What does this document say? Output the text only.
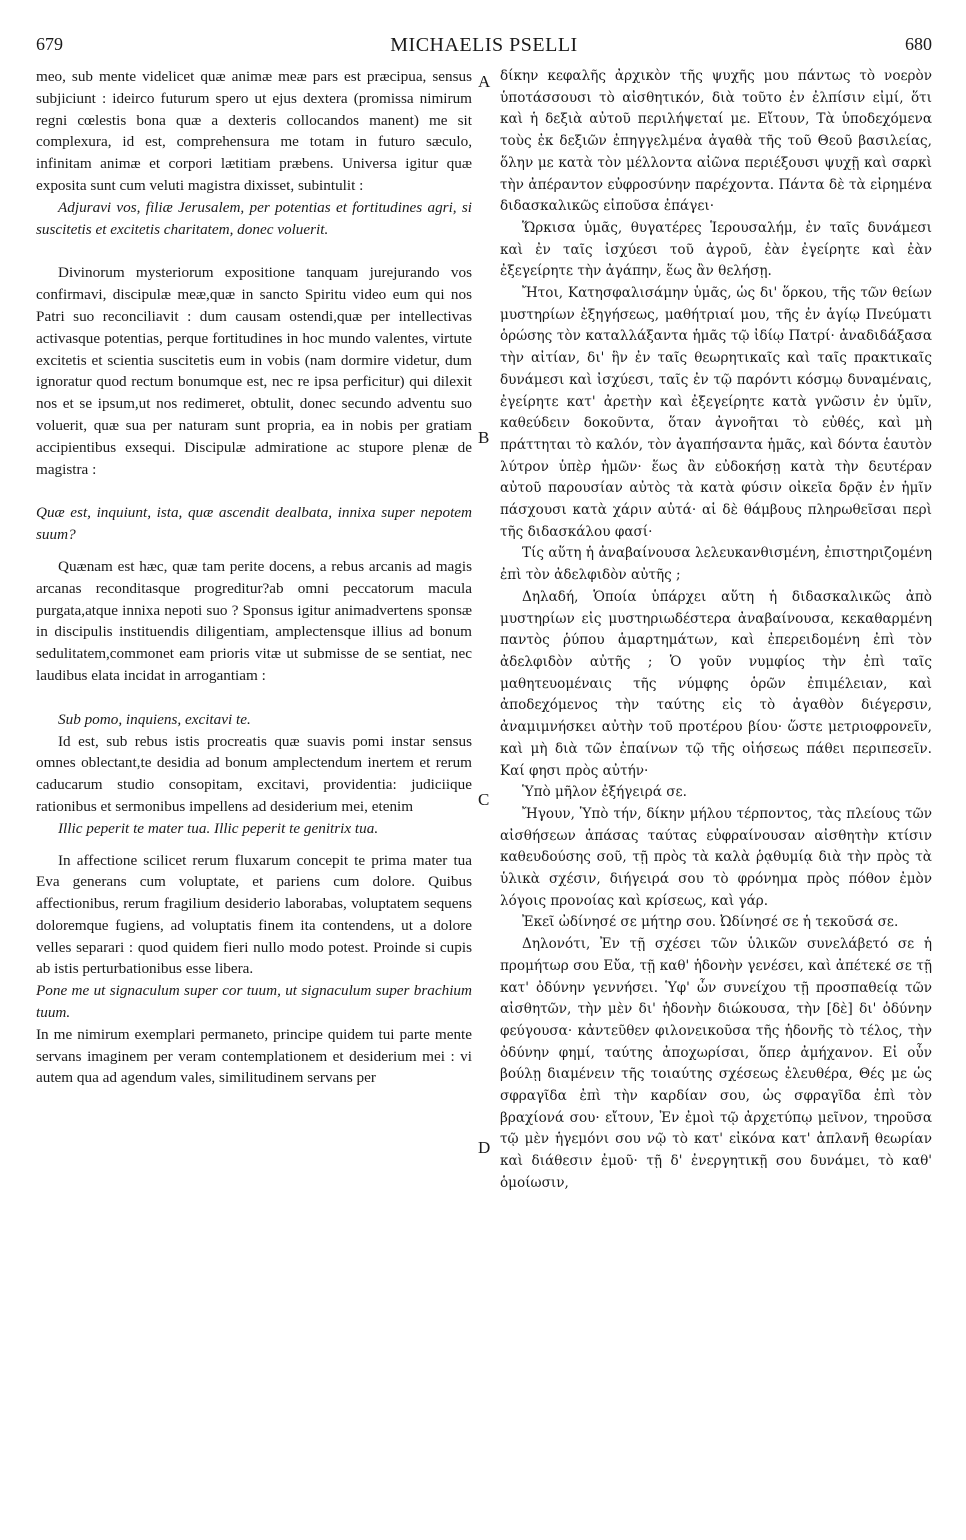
679	MICHAELIS PSELLI	680
A
B
C
D

meo, sub mente videlicet quæ animæ meæ pars est præcipua, sensus subjiciunt : ideirco futurum spero ut ejus dextera (promissa nimirum regni cœlestis bona quæ a dexteris collocandos manent) me sit complexura, id est, comprehensura me totam in futuro sæculo, infinitam animæ et corpori lætitiam præbens. Universa igitur quæ exposita sunt cum veluti magistra dixisset, subintulit :

Adjuravi vos, filiæ Jerusalem, per potentias et fortitudines agri, si suscitetis et excitetis charitatem, donec voluerit.

Divinorum mysteriorum expositione tanquam jurejurando vos confirmavi, discipulæ meæ,quæ in sancto Spiritu video eum qui nos Patri suo reconciliavit : dum causam ostendi,quæ per intellectivas activasque potentias, perque fortitudines in hoc mundo valentes, virtute excitetis et scientia suscitetis eum in vobis (nam dormire videtur, dum ignoratur quod rectum bonumque est, nec re ipsa perficitur) qui dilexit nos et se ipsum,ut nos redimeret, obtulit, donec secundo adventu suo voluerit, quæ sua per naturam sunt propria, ea in nobis per gratiam accipientibus exsequi. Discipulæ admiratione ac stupore plenæ de magistra :

Quæ est, inquiunt, ista, quæ ascendit dealbata, innixa super nepotem suum?

Quænam est hæc, quæ tam perite docens, a rebus arcanis ad magis arcanas reconditasque progreditur?ab omni peccatorum macula purgata,atque innixa nepoti suo ? Sponsus igitur animadvertens sponsæ in discipulis instituendis diligentiam, amplectensque illius ad bonum sedulitatem,commonet eam prioris vitæ ut submisse de se sentiat, nec laudibus elata incidat in arrogantiam :

Sub pomo, inquiens, excitavi te.

Id est, sub rebus istis procreatis quæ suavis pomi instar sensus omnes oblectant,te desidia ad bonum amplectendum inertem et rerum caducarum studio consopitam, excitavi, providentia: judiciique rationibus et sermonibus impellens ad desiderium mei, etenim

Illic peperit te mater tua. Illic peperit te genitrix tua.

In affectione scilicet rerum fluxarum concepit te prima mater tua Eva generans cum voluptate, et pariens cum dolore. Quibus affectionibus, rerum fragilium desiderio laborabas, voluptatem sequens doloremque fugiens, ad voluptatis finem ita contendens, ut a dolore velles separari : quod quidem fieri nullo modo potest. Proinde si cupis ab istis perturbationibus esse libera.

Pone me ut signaculum super cor tuum, ut signaculum super brachium tuum.

In me nimirum exemplari permaneto, principe quidem tui parte mente servans imaginem per veram contemplationem et desiderium mei : vi autem qua ad agendum vales, similitudinem servans per

δίκην κεφαλῆς ἀρχικὸν τῆς ψυχῆς μου πάντως τὸ νοερὸν ὑποτάσσουσι τὸ αἰσθητικόν, διὰ τοῦτο ἐν ἐλπίσιν εἰμί, ὅτι καὶ ἡ δεξιὰ αὐτοῦ περιλήψεταί με. Εἴτουν, Τὰ ὑποδεχόμενα τοὺς ἐκ δεξιῶν ἐπηγγελμένα ἀγαθὰ τῆς τοῦ Θεοῦ βασιλείας, ὅλην με κατὰ τὸν μέλλοντα αἰῶνα περιέξουσι ψυχῇ καὶ σαρκὶ τὴν ἀπέραντον εὐφροσύνην παρέχοντα. Πάντα δὲ τὰ εἰρημένα διδασκαλικῶς εἰποῦσα ἐπάγει·

Ὥρκισα ὑμᾶς, θυγατέρες Ἱερουσαλήμ, ἐν ταῖς δυνάμεσι καὶ ἐν ταῖς ἰσχύεσι τοῦ ἀγροῦ, ἐὰν ἐγείρητε καὶ ἐὰν ἐξεγείρητε τὴν ἀγάπην, ἕως ἂν θελήσῃ.

Ἤτοι, Κατησφαλισάμην ὑμᾶς, ὡς δι' ὅρκου, τῆς τῶν θείων μυστηρίων ἐξηγήσεως, μαθήτριαί μου, τῆς ἐν ἁγίῳ Πνεύματι ὁρώσης τὸν καταλλάξαντα ἡμᾶς τῷ ἰδίῳ Πατρί· ἀναδιδάξασα τὴν αἰτίαν, δι' ἣν ἐν ταῖς θεωρητικαῖς καὶ ταῖς πρακτικαῖς δυνάμεσι καὶ ἰσχύεσι, ταῖς ἐν τῷ παρόντι κόσμῳ δυναμέναις, ἐγείρητε κατ' ἀρετὴν καὶ ἐξεγείρητε κατὰ γνῶσιν ἐν ὑμῖν, καθεύδειν δοκοῦντα, ὅταν ἀγνοῆται τὸ εὐθές, καὶ μὴ πράττηται τὸ καλόν, τὸν ἀγαπήσαντα ἡμᾶς, καὶ δόντα ἑαυτὸν λύτρον ὑπὲρ ἡμῶν· ἕως ἂν εὐδοκήσῃ κατὰ τὴν δευτέραν αὐτοῦ παρουσίαν αὐτὸς τὰ κατὰ φύσιν οἰκεῖα δρᾷν ἐν ἡμῖν πάσχουσι κατὰ χάριν αὐτά· αἱ δὲ θάμβους πληρωθεῖσαι περὶ τῆς διδασκάλου φασί·

Τίς αὕτη ἡ ἀναβαίνουσα λελευκανθισμένη, ἐπιστηριζομένη ἐπὶ τὸν ἀδελφιδὸν αὐτῆς ;

Δηλαδή, Ὁποία ὑπάρχει αὕτη ἡ διδασκαλικῶς ἀπὸ μυστηρίων εἰς μυστηριωδέστερα ἀναβαίνουσα, κεκαθαρμένη παντὸς ῥύπου ἁμαρτημάτων, καὶ ἐπερειδομένη ἐπὶ τὸν ἀδελφιδὸν αὐτῆς ; Ὁ γοῦν νυμφίος τὴν ἐπὶ ταῖς μαθητευομέναις τῆς νύμφης ὁρῶν ἐπιμέλειαν, καὶ ἀποδεχόμενος τὴν ταύτης εἰς τὸ ἀγαθὸν διέγερσιν, ἀναμιμνήσκει αὐτὴν τοῦ προτέρου βίου· ὥστε μετριοφρονεῖν, καὶ μὴ διὰ τῶν ἐπαίνων τῷ τῆς οἰήσεως πάθει περιπεσεῖν. Καί φησι πρὸς αὐτήν·

Ὑπὸ μῆλον ἐξήγειρά σε.

Ἤγουν, Ὑπὸ τήν, δίκην μήλου τέρποντος, τὰς πλείους τῶν αἰσθήσεων ἁπάσας ταύτας εὐφραίνουσαν αἰσθητὴν κτίσιν καθευδούσης σοῦ, τῇ πρὸς τὰ καλὰ ῥᾳθυμίᾳ διὰ τὴν πρὸς τὰ ὑλικὰ σχέσιν, διήγειρά σου τὸ φρόνημα πρὸς πόθον ἐμὸν λόγοις προνοίας καὶ κρίσεως, καὶ γάρ.

Ἐκεῖ ὠδίνησέ σε μήτηρ σου. Ὠδίνησέ σε ἡ τεκοῦσά σε.

Δηλονότι, Ἐν τῇ σχέσει τῶν ὑλικῶν συνελάβετό σε ἡ προμήτωρ σου Εὔα, τῇ καθ' ἡδονὴν γενέσει, καὶ ἀπέτεκέ σε τῇ κατ' ὀδύνην γεννήσει. Ὑφ' ὧν συνείχου τῇ προσπαθείᾳ τῶν αἰσθητῶν, τὴν μὲν δι' ἡδονὴν διώκουσα, τὴν [δὲ] δι' ὀδύνην φεύγουσα· κἀντεῦθεν φιλονεικοῦσα τῆς ἡδονῆς τὸ τέλος, τὴν ὀδύνην φημί, ταύτης ἀποχωρίσαι, ὅπερ ἀμήχανον. Εἰ οὖν βούλῃ διαμένειν τῆς τοιαύτης σχέσεως ἐλευθέρα, Θές με ὡς σφραγῖδα ἐπὶ τὴν καρδίαν σου, ὡς σφραγῖδα ἐπὶ τὸν βραχίονά σου· εἴτουν, Ἐν ἐμοὶ τῷ ἀρχετύπῳ μεῖνον, τηροῦσα τῷ μὲν ἡγεμόνι σου νῷ τὸ κατ' εἰκόνα κατ' ἀπλανῆ θεωρίαν καὶ διάθεσιν ἐμοῦ· τῇ δ' ἐνεργητικῇ σου δυνάμει, τὸ καθ' ὁμοίωσιν,
